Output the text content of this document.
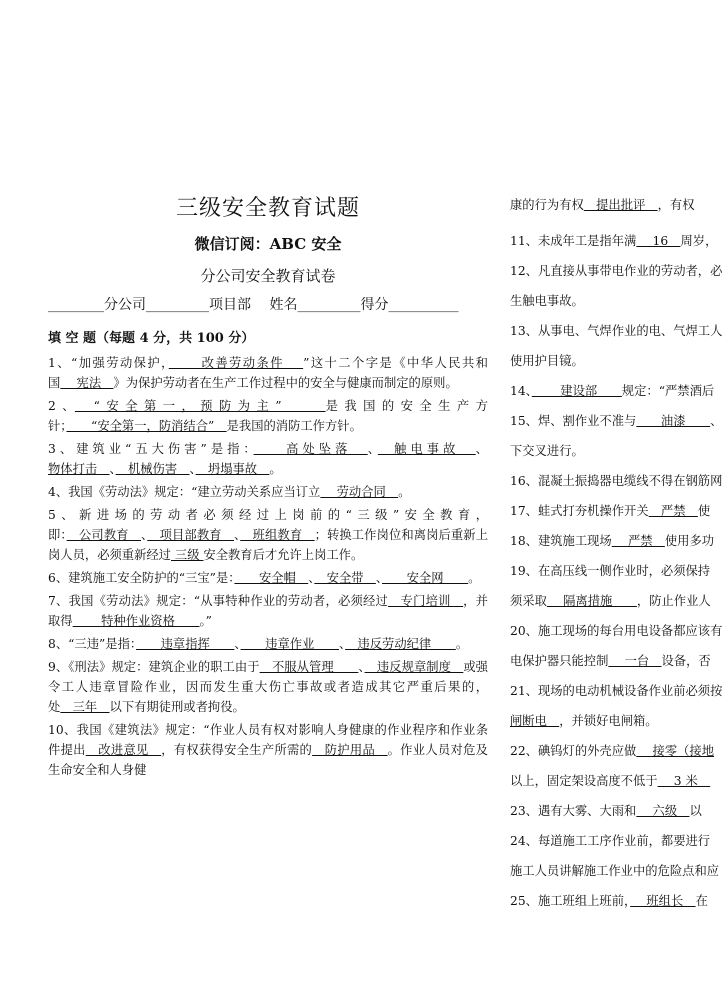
三级安全教育试题
微信订阅：ABC 安全
分公司安全教育试卷
________分公司_________项目部　 姓名_________得分__________
填 空 题（每题 4 分，共 100 分）
1、“加强劳动保护，　　 改善劳动条件　 ”这十二个字是《中华人民共和国　 宪法　》为保护劳动者在生产工作过程中的安全与健康而制定的原则。
2、　“安全第一，预防为主”　　是我国的安全生产方针；　　“安全第一，防消结合”　是我国的消防工作方针。
3、建筑业“五大伤害”是指：　　高处坠落　、　触电事故　、物体打击　、　机械伤害　、　坍塌事故　。
4、我国《劳动法》规定：“建立劳动关系应当订立　 劳动合同　。
5、新进场的劳动者必须经过上岗前的“三级”安全教育，即：　公司教育　、　项目部教育　、　班组教育　；转换工作岗位和离岗后重新上岗人员，必须重新经过 三级 安全教育后才允许上岗工作。
6、建筑施工安全防护的“三宝”是：　　安全帽　、　安全带　、　　安全网　　。
7、我国《劳动法》规定：“从事特种作业的劳动者，必须经过　专门培训　，并取得　　 特种作业资格　　。”
8、“三违”是指：　　违章指挥　　、　　违章作业　　、　违反劳动纪律　　。
9、《刑法》规定：建筑企业的职工由于　不服从管理　　、　违反规章制度　或强令工人违章冒险作业，因而发生重大伤亡事故或者造成其它严重后果的，处　三年　以下有期徒刑或者拘役。
10、我国《建筑法》规定：“作业人员有权对影响人身健康的作业程序和作业条件提出　改进意见　，有权获得安全生产所需的　防护用品　。作业人员对危及生命安全和人身健
康的行为有权　提出批评　，有权
11、未成年工是指年满　 16　周岁，
12、凡直接从事带电作业的劳动者，必
生触电事故。
13、从事电、气焊作业的电、气焊工人
使用护目镜。
14、　　 建设部　　规定：“严禁酒后
15、焊、割作业不准与　　油漆　　、
下交叉进行。
16、混凝土振捣器电缆线不得在钢筋网
17、蛙式打夯机操作开关　严禁　使
18、建筑施工现场　 严禁　使用多功
19、在高压线一侧作业时，必须保持
须采取　 隔离措施　　，防止作业人
20、施工现场的每台用电设备都应该有
电保护器只能控制　 一台　设备，否
21、现场的电动机械设备作业前必须按
闸断电　，并锁好电闸箱。
22、碘钨灯的外壳应做　 接零（接地
以上，固定架设高度不低于　 3 米　
23、遇有大雾、大雨和　 六级　以
24、每道施工工序作业前，都要进行
施工人员讲解施工作业中的危险点和应
25、施工班组上班前，　 班组长　在
